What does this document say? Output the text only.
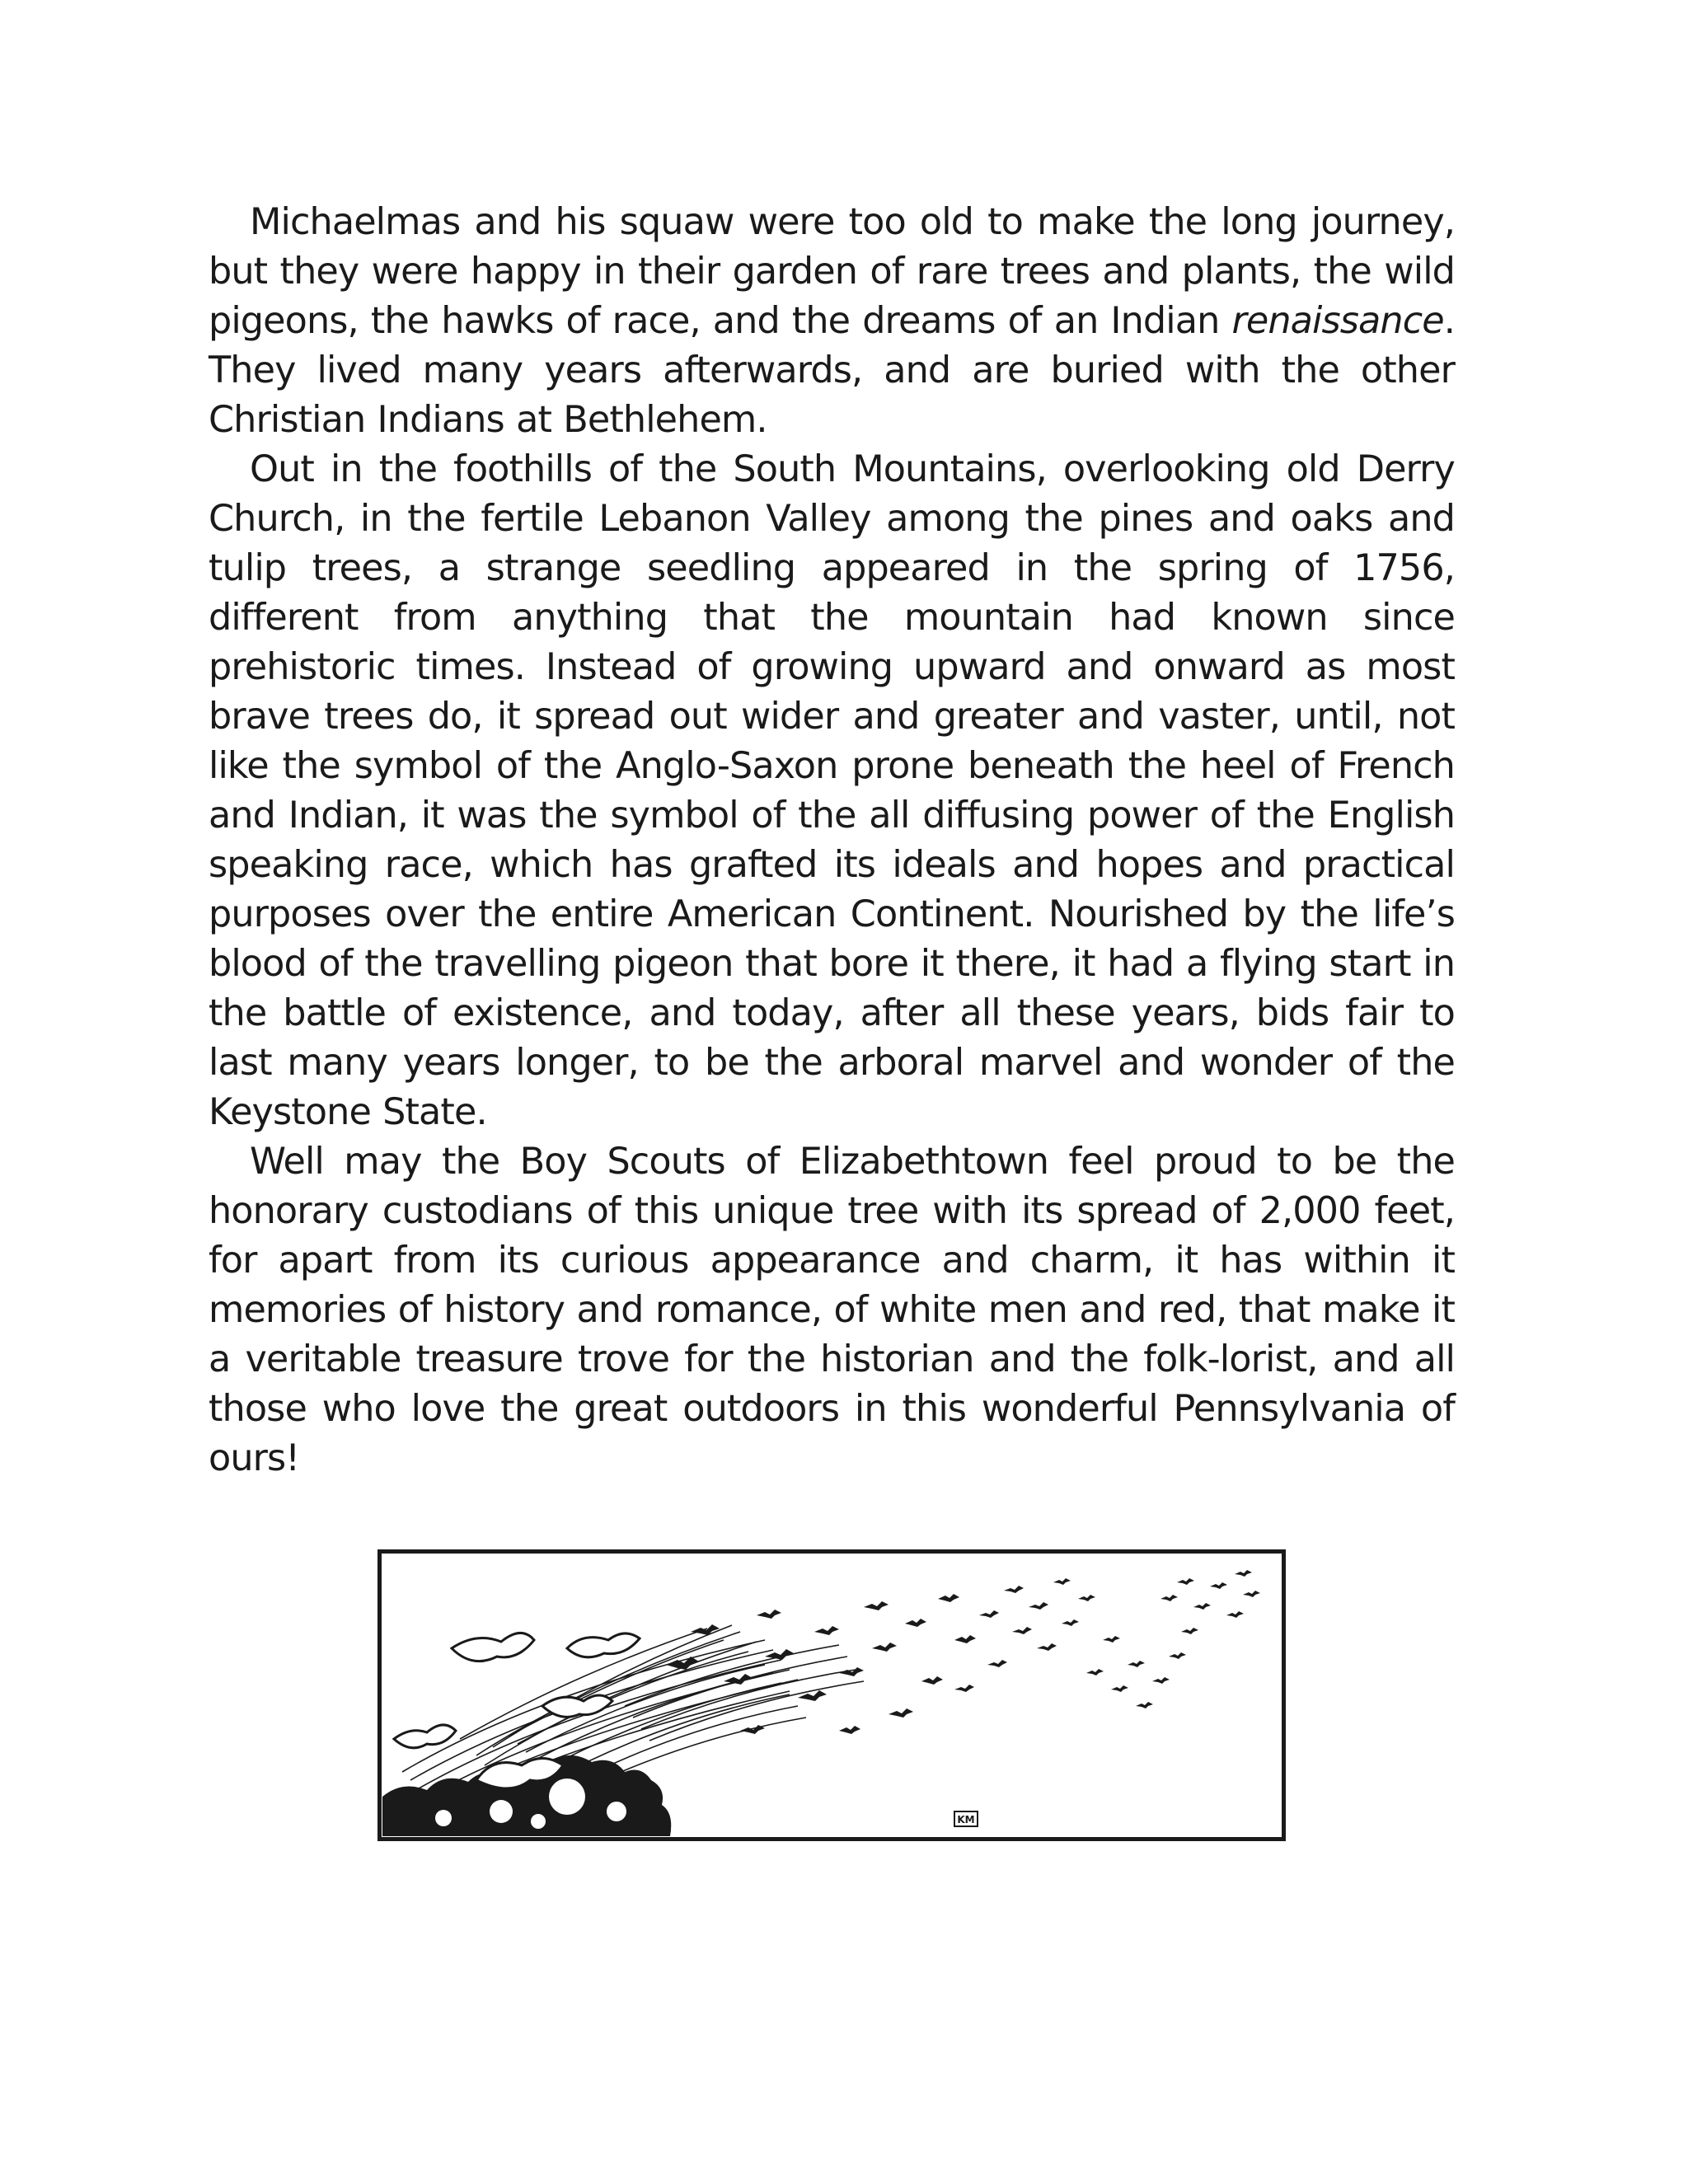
Michaelmas and his squaw were too old to make the long journey, but they were happy in their garden of rare trees and plants, the wild pigeons, the hawks of race, and the dreams of an Indian renaissance. They lived many years afterwards, and are buried with the other Christian Indians at Bethlehem.

Out in the foothills of the South Mountains, overlooking old Derry Church, in the fertile Lebanon Valley among the pines and oaks and tulip trees, a strange seedling appeared in the spring of 1756, different from anything that the mountain had known since prehistoric times. Instead of growing upward and onward as most brave trees do, it spread out wider and greater and vaster, until, not like the symbol of the Anglo-Saxon prone beneath the heel of French and Indian, it was the symbol of the all diffusing power of the English speaking race, which has grafted its ideals and hopes and practical purposes over the entire American Continent. Nourished by the life’s blood of the travelling pigeon that bore it there, it had a flying start in the battle of existence, and today, after all these years, bids fair to last many years longer, to be the arboral marvel and wonder of the Keystone State.

Well may the Boy Scouts of Elizabethtown feel proud to be the honorary custodians of this unique tree with its spread of 2,000 feet, for apart from its curious appearance and charm, it has within it memories of history and romance, of white men and red, that make it a veritable treasure trove for the historian and the folk-lorist, and all those who love the great outdoors in this wonderful Pennsylvania of ours!

KM
